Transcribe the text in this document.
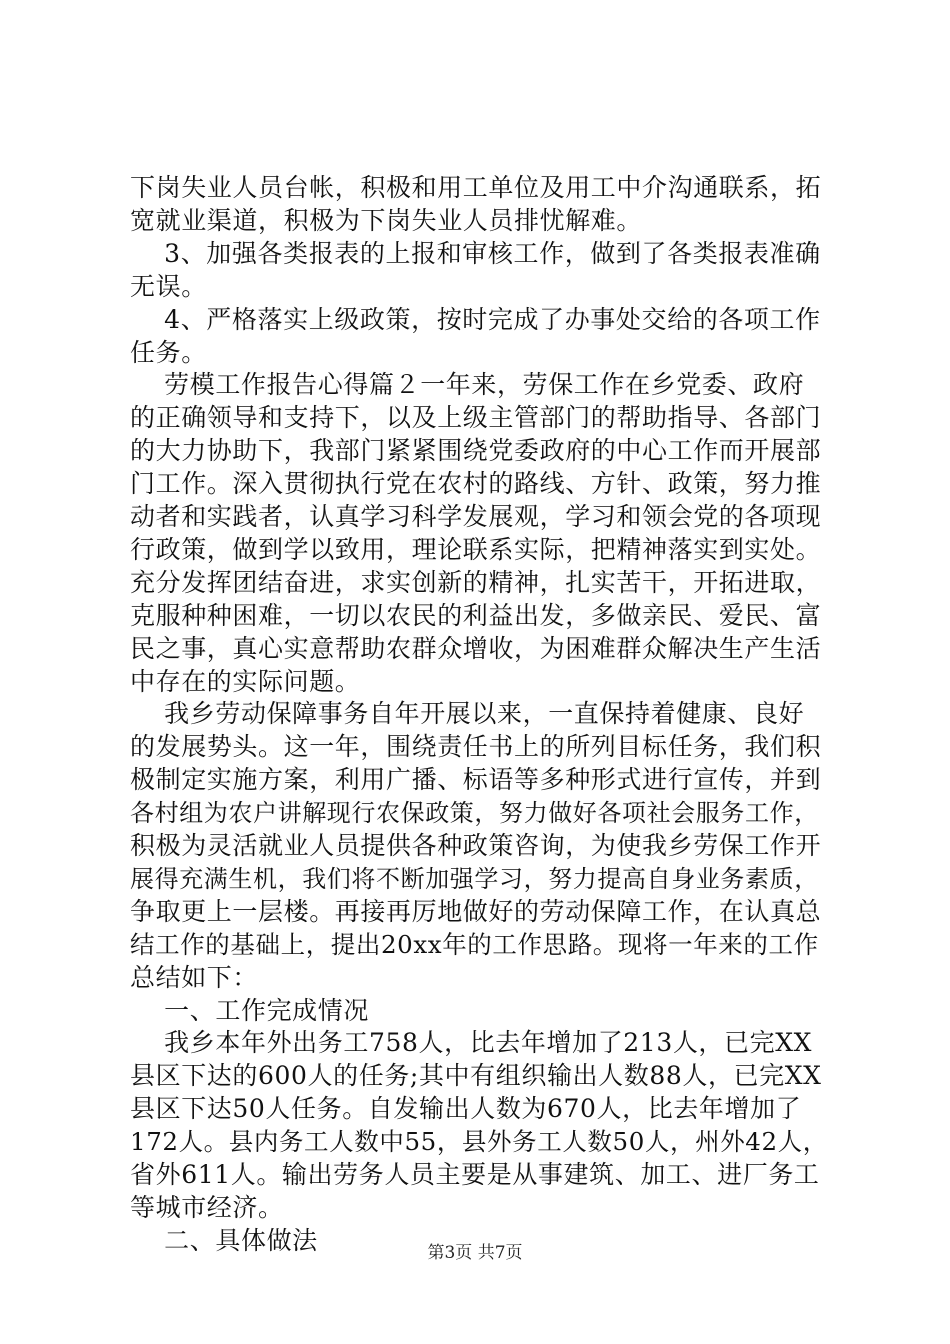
下岗失业人员台帐，积极和用工单位及用工中介沟通联系，拓
宽就业渠道，积极为下岗失业人员排忧解难。
3、加强各类报表的上报和审核工作，做到了各类报表准确
无误。
4、严格落实上级政策，按时完成了办事处交给的各项工作
任务。
劳模工作报告心得篇２一年来，劳保工作在乡党委、政府
的正确领导和支持下，以及上级主管部门的帮助指导、各部门
的大力协助下，我部门紧紧围绕党委政府的中心工作而开展部
门工作。深入贯彻执行党在农村的路线、方针、政策，努力推
动者和实践者，认真学习科学发展观，学习和领会党的各项现
行政策，做到学以致用，理论联系实际，把精神落实到实处。
充分发挥团结奋进，求实创新的精神，扎实苦干，开拓进取，
克服种种困难，一切以农民的利益出发，多做亲民、爱民、富
民之事，真心实意帮助农群众增收，为困难群众解决生产生活
中存在的实际问题。
我乡劳动保障事务自年开展以来，一直保持着健康、良好
的发展势头。这一年，围绕责任书上的所列目标任务，我们积
极制定实施方案，利用广播、标语等多种形式进行宣传，并到
各村组为农户讲解现行农保政策，努力做好各项社会服务工作，
积极为灵活就业人员提供各种政策咨询，为使我乡劳保工作开
展得充满生机，我们将不断加强学习，努力提高自身业务素质，
争取更上一层楼。再接再厉地做好的劳动保障工作，在认真总
结工作的基础上，提出20xx年的工作思路。现将一年来的工作
总结如下：
一、工作完成情况
我乡本年外出务工758人，比去年增加了213人，已完XX
县区下达的600人的任务;其中有组织输出人数88人，已完XX
县区下达50人任务。自发输出人数为670人，比去年增加了
172人。县内务工人数中55，县外务工人数50人，州外42人，
省外611人。输出劳务人员主要是从事建筑、加工、进厂务工
等城市经济。
二、具体做法	第3页 共7页
